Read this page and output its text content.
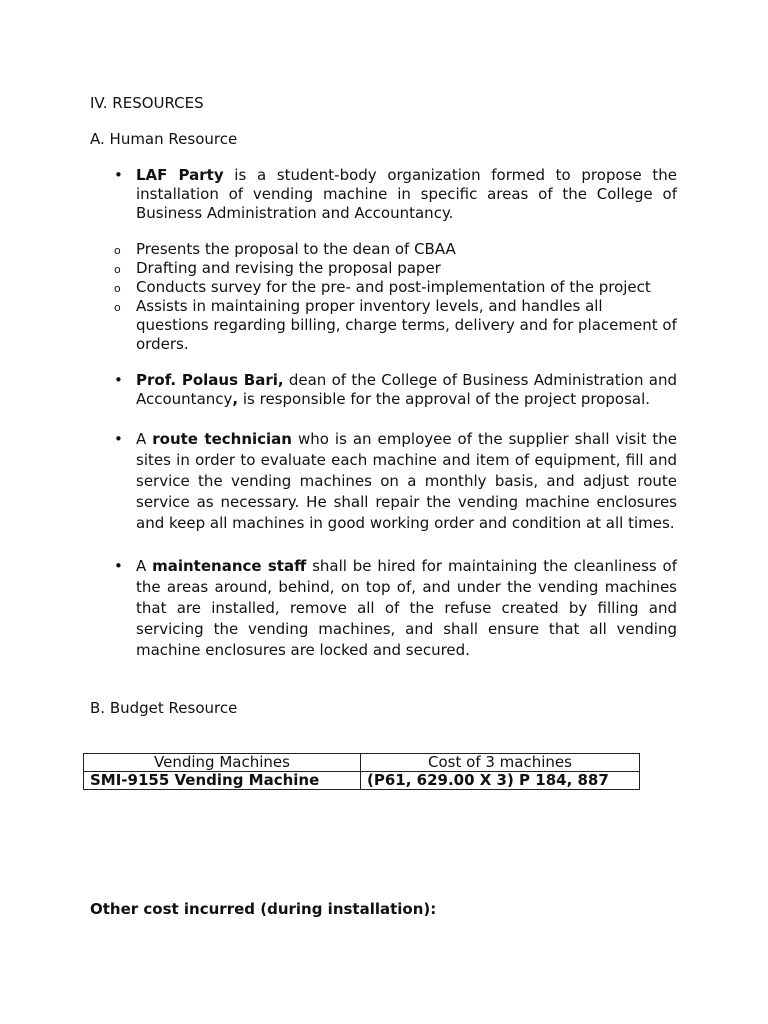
IV. RESOURCES
A. Human Resource
• LAF Party is a student-body organization formed to propose the installation of vending machine in specific areas of the College of Business Administration and Accountancy.
o	Presents the proposal to the dean of CBAA
o	Drafting and revising the proposal paper
o	Conducts survey for the pre- and post-implementation of the project
o	Assists in maintaining proper inventory levels, and handles all questions regarding billing, charge terms, delivery and for placement of orders.
• Prof. Polaus Bari, dean of the College of Business Administration and Accountancy, is responsible for the approval of the project proposal.
• A route technician who is an employee of the supplier shall visit the sites in order to evaluate each machine and item of equipment, fill and service the vending machines on a monthly basis, and adjust route service as necessary. He shall repair the vending machine enclosures and keep all machines in good working order and condition at all times.
• A maintenance staff shall be hired for maintaining the cleanliness of the areas around, behind, on top of, and under the vending machines that are installed, remove all of the refuse created by filling and servicing the vending machines, and shall ensure that all vending machine enclosures are locked and secured.
B. Budget Resource
Vending Machines	Cost of 3 machines
SMI-9155 Vending Machine	(P61, 629.00 X 3) P 184, 887
Other cost incurred (during installation):
